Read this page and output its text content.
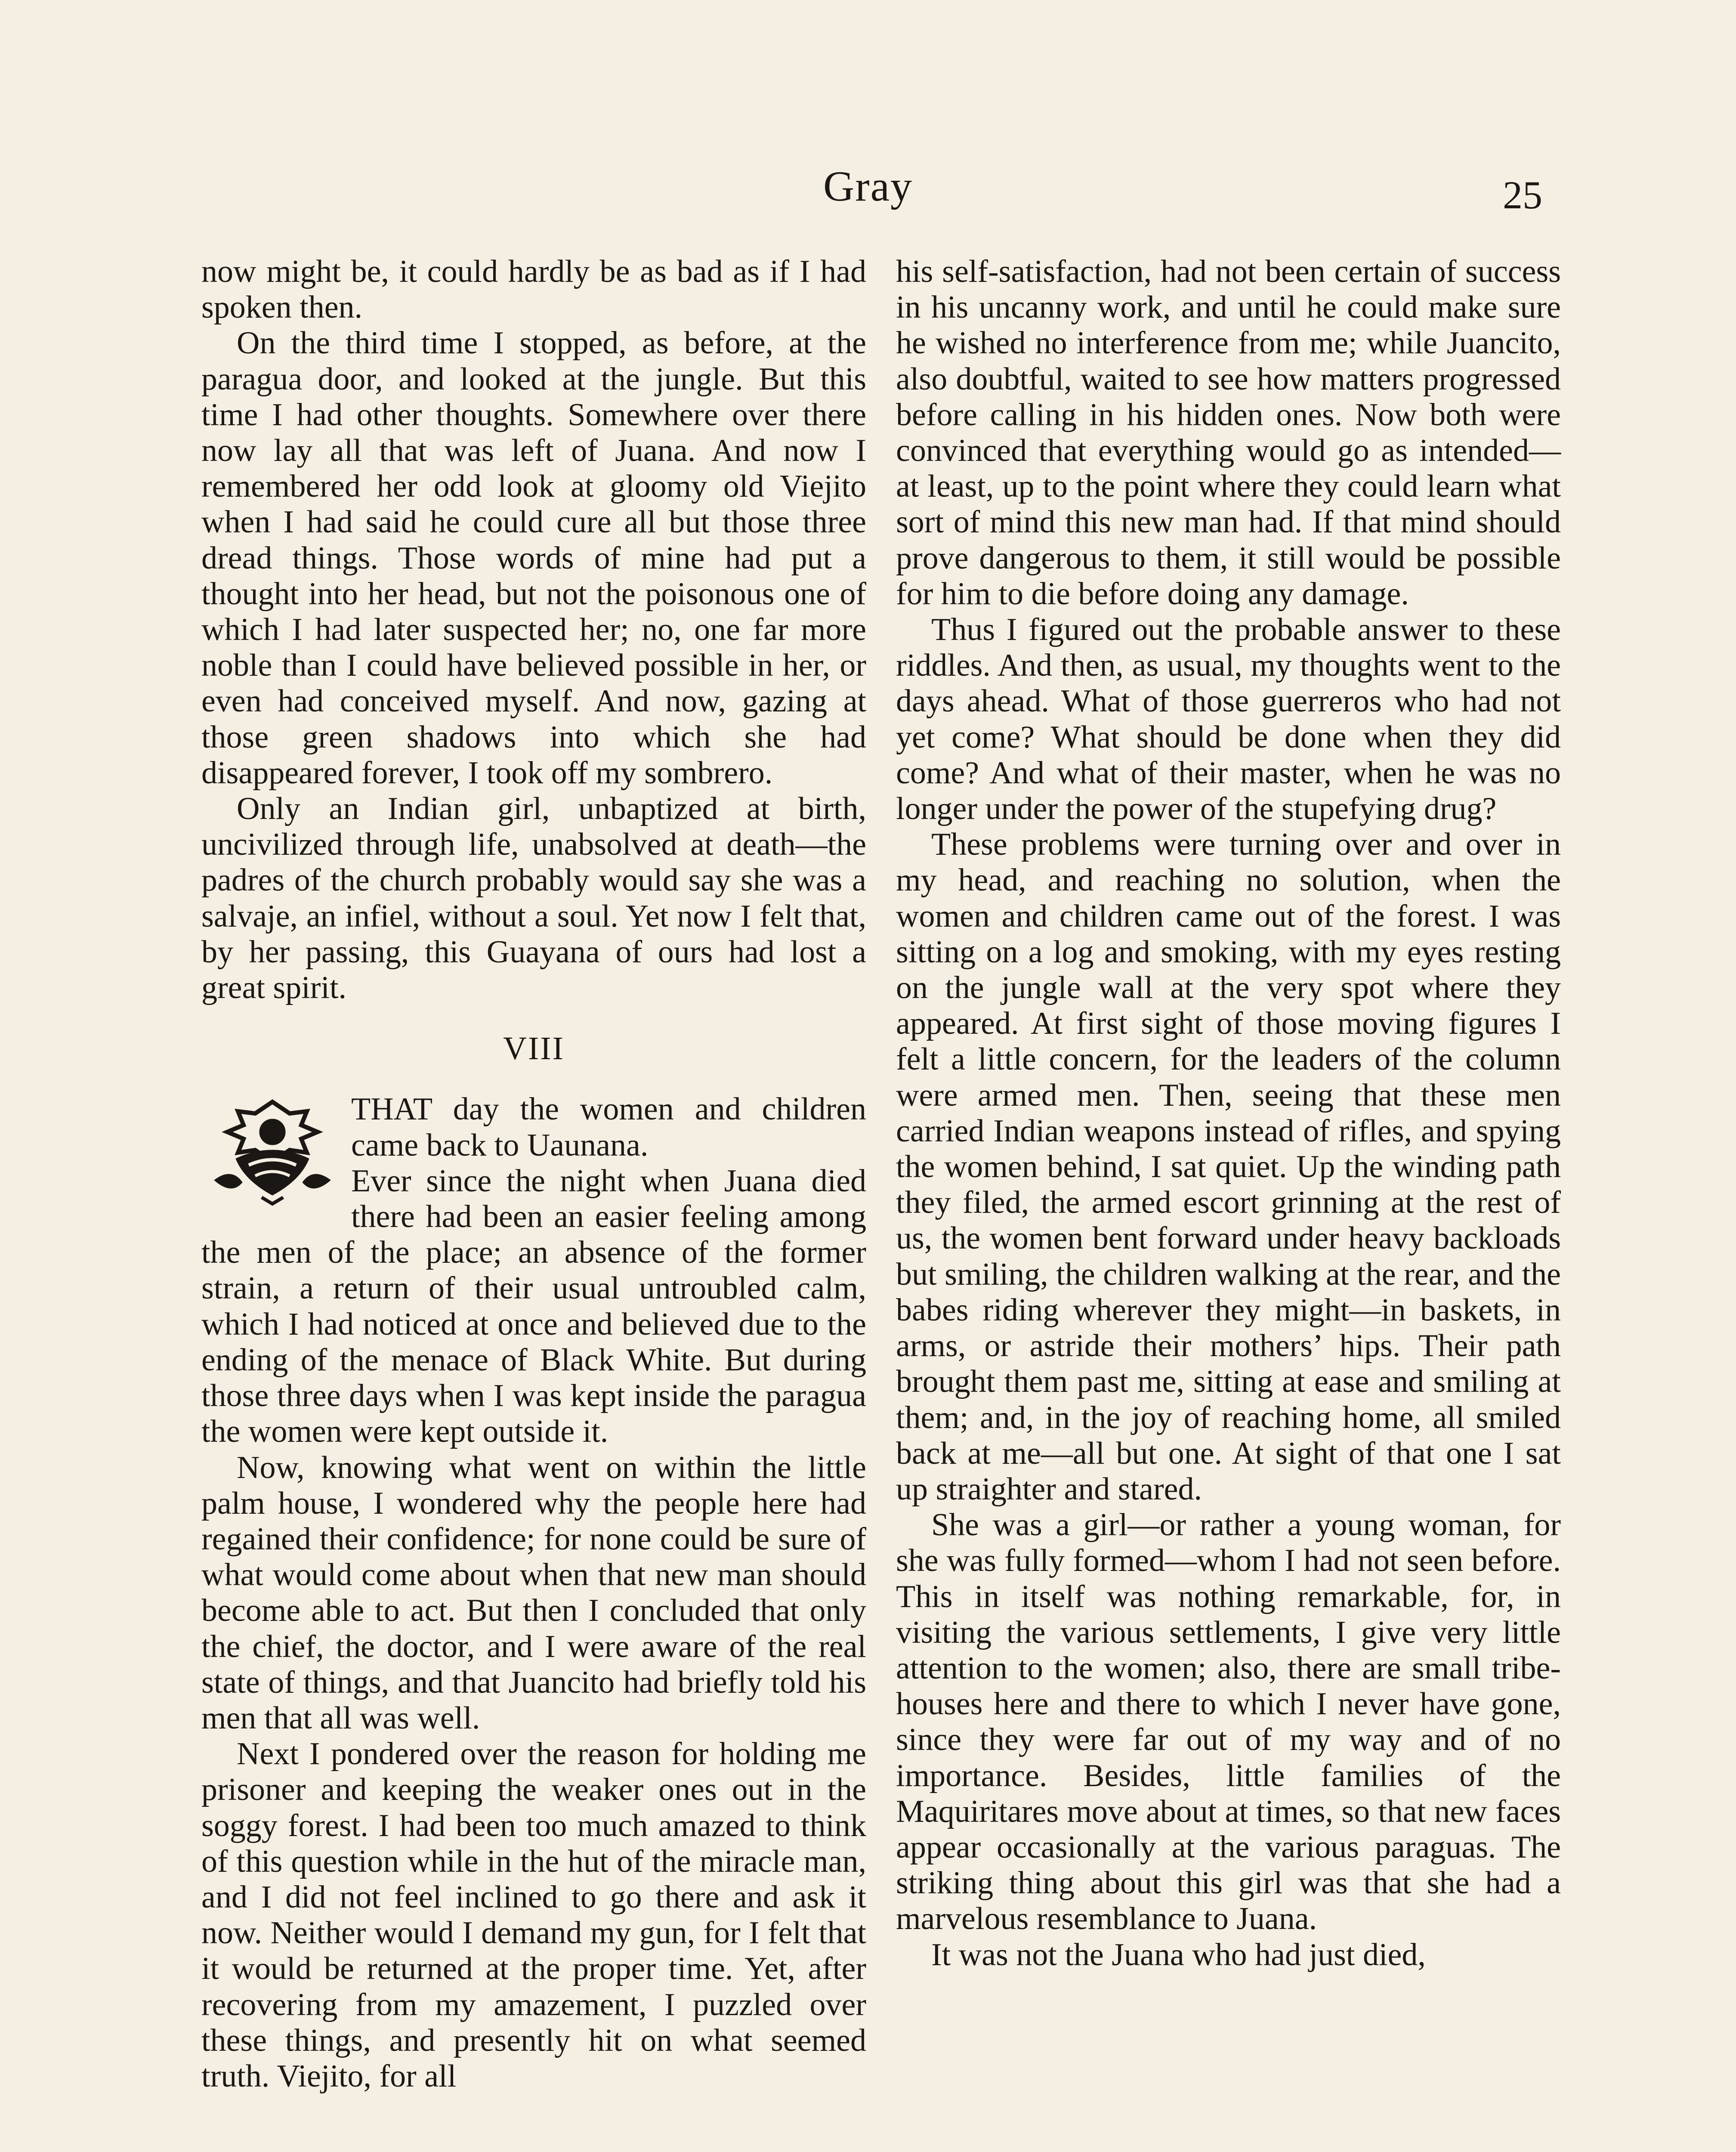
Gray	25

now might be, it could hardly be as bad as if I had spoken then.

On the third time I stopped, as before, at the paragua door, and looked at the jungle. But this time I had other thoughts. Somewhere over there now lay all that was left of Juana. And now I remembered her odd look at gloomy old Viejito when I had said he could cure all but those three dread things. Those words of mine had put a thought into her head, but not the poisonous one of which I had later suspected her; no, one far more noble than I could have believed possible in her, or even had conceived myself. And now, gazing at those green shadows into which she had disappeared forever, I took off my sombrero.

Only an Indian girl, unbaptized at birth, uncivilized through life, unabsolved at death—the padres of the church probably would say she was a salvaje, an infiel, without a soul. Yet now I felt that, by her passing, this Guayana of ours had lost a great spirit.

VIII

THAT day the women and children came back to Uaunana.

Ever since the night when Juana died there had been an easier feeling among the men of the place; an absence of the former strain, a return of their usual untroubled calm, which I had noticed at once and believed due to the ending of the menace of Black White. But during those three days when I was kept inside the paragua the women were kept outside it.

Now, knowing what went on within the little palm house, I wondered why the people here had regained their confidence; for none could be sure of what would come about when that new man should become able to act. But then I concluded that only the chief, the doctor, and I were aware of the real state of things, and that Juancito had briefly told his men that all was well.

Next I pondered over the reason for holding me prisoner and keeping the weaker ones out in the soggy forest. I had been too much amazed to think of this question while in the hut of the miracle man, and I did not feel inclined to go there and ask it now. Neither would I demand my gun, for I felt that it would be returned at the proper time. Yet, after recovering from my amazement, I puzzled over these things, and presently hit on what seemed truth. Viejito, for all

his self-satisfaction, had not been certain of success in his uncanny work, and until he could make sure he wished no interference from me; while Juancito, also doubtful, waited to see how matters progressed before calling in his hidden ones. Now both were convinced that everything would go as intended—at least, up to the point where they could learn what sort of mind this new man had. If that mind should prove dangerous to them, it still would be possible for him to die before doing any damage.

Thus I figured out the probable answer to these riddles. And then, as usual, my thoughts went to the days ahead. What of those guerreros who had not yet come? What should be done when they did come? And what of their master, when he was no longer under the power of the stupefying drug?

These problems were turning over and over in my head, and reaching no solution, when the women and children came out of the forest. I was sitting on a log and smoking, with my eyes resting on the jungle wall at the very spot where they appeared. At first sight of those moving figures I felt a little concern, for the leaders of the column were armed men. Then, seeing that these men carried Indian weapons instead of rifles, and spying the women behind, I sat quiet. Up the winding path they filed, the armed escort grinning at the rest of us, the women bent forward under heavy backloads but smiling, the children walking at the rear, and the babes riding wherever they might—in baskets, in arms, or astride their mothers’ hips. Their path brought them past me, sitting at ease and smiling at them; and, in the joy of reaching home, all smiled back at me—all but one. At sight of that one I sat up straighter and stared.

She was a girl—or rather a young woman, for she was fully formed—whom I had not seen before. This in itself was nothing remarkable, for, in visiting the various settlements, I give very little attention to the women; also, there are small tribe-houses here and there to which I never have gone, since they were far out of my way and of no importance. Besides, little families of the Maquiritares move about at times, so that new faces appear occasionally at the various paraguas. The striking thing about this girl was that she had a marvelous resemblance to Juana.

It was not the Juana who had just died,
